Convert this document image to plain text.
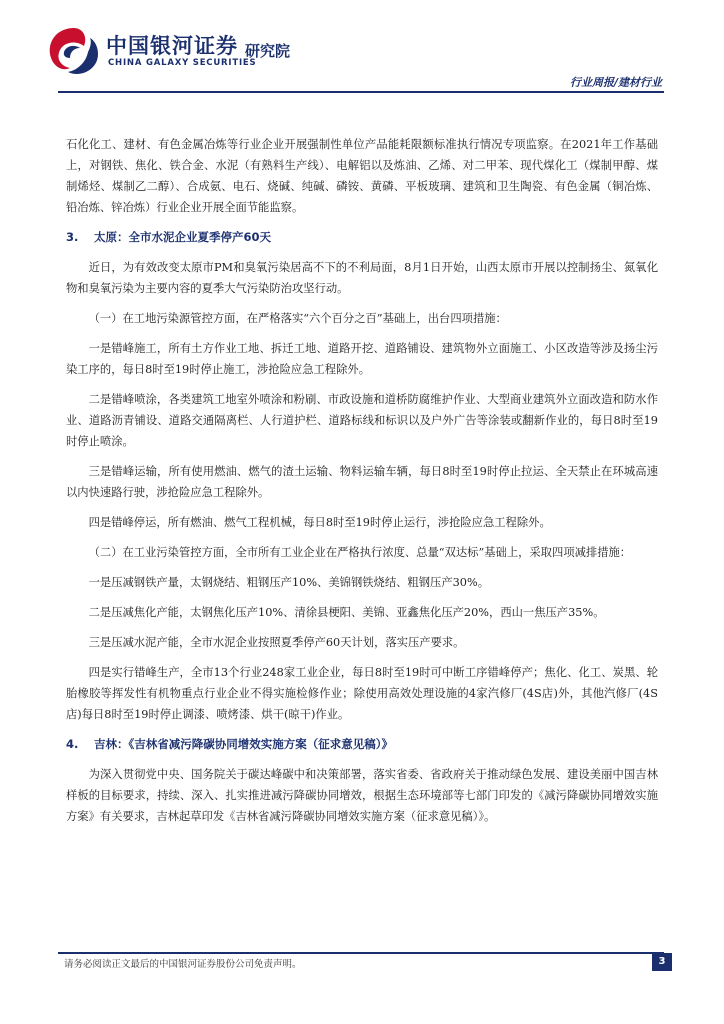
中国银河证券
CHINA GALAXY SECURITIES
研究院
行业周报/建材行业

石化化工、建材、有色金属冶炼等行业企业开展强制性单位产品能耗限额标准执行情况专项监察。在2021年工作基础上，对钢铁、焦化、铁合金、水泥（有熟料生产线）、电解铝以及炼油、乙烯、对二甲苯、现代煤化工（煤制甲醇、煤制烯烃、煤制乙二醇）、合成氨、电石、烧碱、纯碱、磷铵、黄磷、平板玻璃、建筑和卫生陶瓷、有色金属（铜冶炼、铅冶炼、锌冶炼）行业企业开展全面节能监察。

3. 太原：全市水泥企业夏季停产60天

近日，为有效改变太原市PM和臭氧污染居高不下的不利局面，8月1日开始，山西太原市开展以控制扬尘、氮氧化物和臭氧污染为主要内容的夏季大气污染防治攻坚行动。

（一）在工地污染源管控方面，在严格落实“六个百分之百”基础上，出台四项措施：

一是错峰施工，所有土方作业工地、拆迁工地、道路开挖、道路铺设、建筑物外立面施工、小区改造等涉及扬尘污染工序的，每日8时至19时停止施工，涉抢险应急工程除外。

二是错峰喷涂，各类建筑工地室外喷涂和粉刷、市政设施和道桥防腐维护作业、大型商业建筑外立面改造和防水作业、道路沥青铺设、道路交通隔离栏、人行道护栏、道路标线和标识以及户外广告等涂装或翻新作业的，每日8时至19时停止喷涂。

三是错峰运输，所有使用燃油、燃气的渣土运输、物料运输车辆，每日8时至19时停止拉运、全天禁止在环城高速以内快速路行驶，涉抢险应急工程除外。

四是错峰停运，所有燃油、燃气工程机械，每日8时至19时停止运行，涉抢险应急工程除外。

（二）在工业污染管控方面，全市所有工业企业在严格执行浓度、总量“双达标”基础上，采取四项减排措施：

一是压减钢铁产量，太钢烧结、粗钢压产10%、美锦钢铁烧结、粗钢压产30%。

二是压减焦化产能，太钢焦化压产10%、清徐县梗阳、美锦、亚鑫焦化压产20%，西山一焦压产35%。

三是压减水泥产能，全市水泥企业按照夏季停产60天计划，落实压产要求。

四是实行错峰生产，全市13个行业248家工业企业，每日8时至19时可中断工序错峰停产；焦化、化工、炭黑、轮胎橡胶等挥发性有机物重点行业企业不得实施检修作业；除使用高效处理设施的4家汽修厂(4S店)外，其他汽修厂(4S店)每日8时至19时停止调漆、喷烤漆、烘干(晾干)作业。

4. 吉林：《吉林省减污降碳协同增效实施方案（征求意见稿）》

为深入贯彻党中央、国务院关于碳达峰碳中和决策部署，落实省委、省政府关于推动绿色发展、建设美丽中国吉林样板的目标要求，持续、深入、扎实推进减污降碳协同增效，根据生态环境部等七部门印发的《减污降碳协同增效实施方案》有关要求，吉林起草印发《吉林省减污降碳协同增效实施方案（征求意见稿）》。

请务必阅读正文最后的中国银河证券股份公司免责声明。	3
